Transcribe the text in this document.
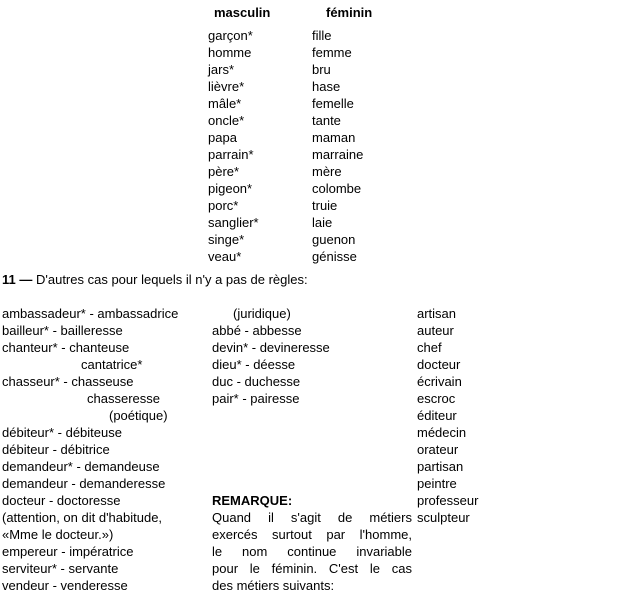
masculin	féminin
garçon*	fille
homme	femme
jars*	bru
lièvre*	hase
mâle*	femelle
oncle*	tante
papa	maman
parrain*	marraine
père*	mère
pigeon*	colombe
porc*	truie
sanglier*	laie
singe*	guenon
veau*	génisse
11 — D'autres cas pour lequels il n'y a pas de règles:
ambassadeur* - ambassadrice
bailleur* - bailleresse
chanteur* - chanteuse
cantatrice*
chasseur* - chasseuse
chasseresse
(poétique)
débiteur* - débiteuse
débiteur - débitrice
demandeur* - demandeuse
demandeur - demanderesse
docteur - doctoresse
(attention, on dit d'habitude,
«Mme le docteur.»)
empereur - impératrice
serviteur* - servante
vendeur - venderesse
(juridique)
abbé - abbesse
devin* - devineresse
dieu* - déesse
duc - duchesse
pair* - pairesse
REMARQUE:
Quand il s'agit de métiers
exercés surtout par l'homme,
le nom continue invariable
pour le féminin. C'est le cas
des métiers suivants:
artisan
auteur
chef
docteur
écrivain
escroc
éditeur
médecin
orateur
partisan
peintre
professeur
sculpteur
